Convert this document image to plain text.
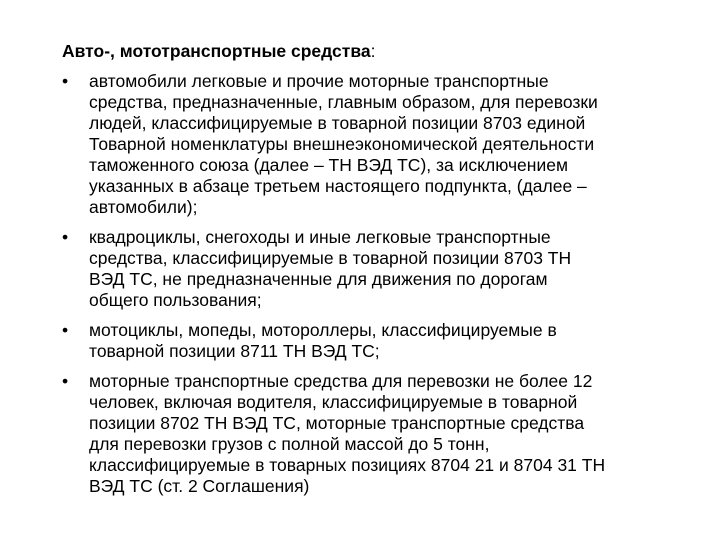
Авто-, мототранспортные средства:
• автомобили легковые и прочие моторные транспортные
средства, предназначенные, главным образом, для перевозки
людей, классифицируемые в товарной позиции 8703 единой
Товарной номенклатуры внешнеэкономической деятельности
таможенного союза (далее – ТН ВЭД ТС), за исключением
указанных в абзаце третьем настоящего подпункта, (далее –
автомобили);
• квадроциклы, снегоходы и иные легковые транспортные
средства, классифицируемые в товарной позиции 8703 ТН
ВЭД ТС, не предназначенные для движения по дорогам
общего пользования;
• мотоциклы, мопеды, мотороллеры, классифицируемые в
товарной позиции 8711 ТН ВЭД ТС;
• моторные транспортные средства для перевозки не более 12
человек, включая водителя, классифицируемые в товарной
позиции 8702 ТН ВЭД ТС, моторные транспортные средства
для перевозки грузов с полной массой до 5 тонн,
классифицируемые в товарных позициях 8704 21 и 8704 31 ТН
ВЭД ТС (ст. 2 Соглашения)
